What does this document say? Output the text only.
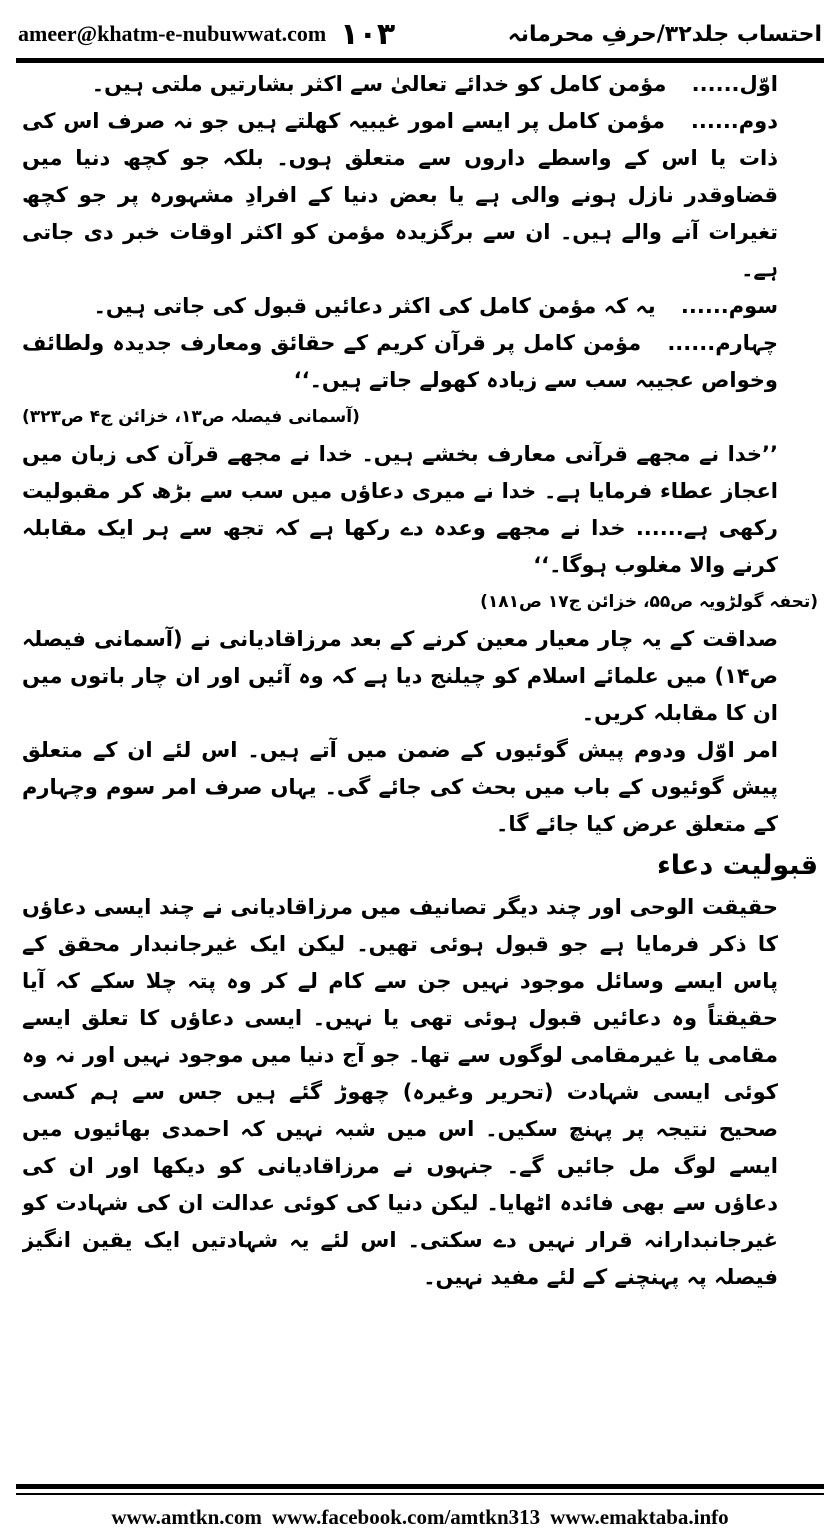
ameer@khatm-e-nubuwwat.com ۱۰۳	احتساب جلد۳۲/حرفِ محرمانہ

اوّل...... مؤمن کامل کو خدائے تعالیٰ سے اکثر بشارتیں ملتی ہیں۔

دوم...... مؤمن کامل پر ایسے امور غیبیہ کھلتے ہیں جو نہ صرف اس کی ذات یا اس کے واسطے داروں سے متعلق ہوں۔ بلکہ جو کچھ دنیا میں قضاوقدر نازل ہونے والی ہے یا بعض دنیا کے افرادِ مشہورہ پر جو کچھ تغیرات آنے والے ہیں۔ ان سے برگزیدہ مؤمن کو اکثر اوقات خبر دی جاتی ہے۔

سوم...... یہ کہ مؤمن کامل کی اکثر دعائیں قبول کی جاتی ہیں۔

چہارم...... مؤمن کامل پر قرآن کریم کے حقائق ومعارف جدیدہ ولطائف وخواص عجیبہ سب سے زیادہ کھولے جاتے ہیں۔‘‘
(آسمانی فیصلہ ص۱۳، خزائن ج۴ ص۳۲۳)

’’خدا نے مجھے قرآنی معارف بخشے ہیں۔ خدا نے مجھے قرآن کی زبان میں اعجاز عطاء فرمایا ہے۔ خدا نے میری دعاؤں میں سب سے بڑھ کر مقبولیت رکھی ہے...... خدا نے مجھے وعدہ دے رکھا ہے کہ تجھ سے ہر ایک مقابلہ کرنے والا مغلوب ہوگا۔‘‘

(تحفہ گولڑویہ ص۵۵، خزائن ج۱۷ ص۱۸۱)

صداقت کے یہ چار معیار معین کرنے کے بعد مرزاقادیانی نے (آسمانی فیصلہ ص۱۴) میں علمائے اسلام کو چیلنج دیا ہے کہ وہ آئیں اور ان چار باتوں میں ان کا مقابلہ کریں۔

امر اوّل ودوم پیش گوئیوں کے ضمن میں آتے ہیں۔ اس لئے ان کے متعلق پیش گوئیوں کے باب میں بحث کی جائے گی۔ یہاں صرف امر سوم وچہارم کے متعلق عرض کیا جائے گا۔

قبولیت دعاء

حقیقت الوحی اور چند دیگر تصانیف میں مرزاقادیانی نے چند ایسی دعاؤں کا ذکر فرمایا ہے جو قبول ہوئی تھیں۔ لیکن ایک غیرجانبدار محقق کے پاس ایسے وسائل موجود نہیں جن سے کام لے کر وہ پتہ چلا سکے کہ آیا حقیقتاً وہ دعائیں قبول ہوئی تھی یا نہیں۔ ایسی دعاؤں کا تعلق ایسے مقامی یا غیرمقامی لوگوں سے تھا۔ جو آج دنیا میں موجود نہیں اور نہ وہ کوئی ایسی شہادت (تحریر وغیرہ) چھوڑ گئے ہیں جس سے ہم کسی صحیح نتیجہ پر پہنچ سکیں۔ اس میں شبہ نہیں کہ احمدی بھائیوں میں ایسے لوگ مل جائیں گے۔ جنہوں نے مرزاقادیانی کو دیکھا اور ان کی دعاؤں سے بھی فائدہ اٹھایا۔ لیکن دنیا کی کوئی عدالت ان کی شہادت کو غیرجانبدارانہ قرار نہیں دے سکتی۔ اس لئے یہ شہادتیں ایک یقین انگیز فیصلہ پہ پہنچنے کے لئے مفید نہیں۔

www.amtkn.com www.facebook.com/amtkn313 www.emaktaba.info
